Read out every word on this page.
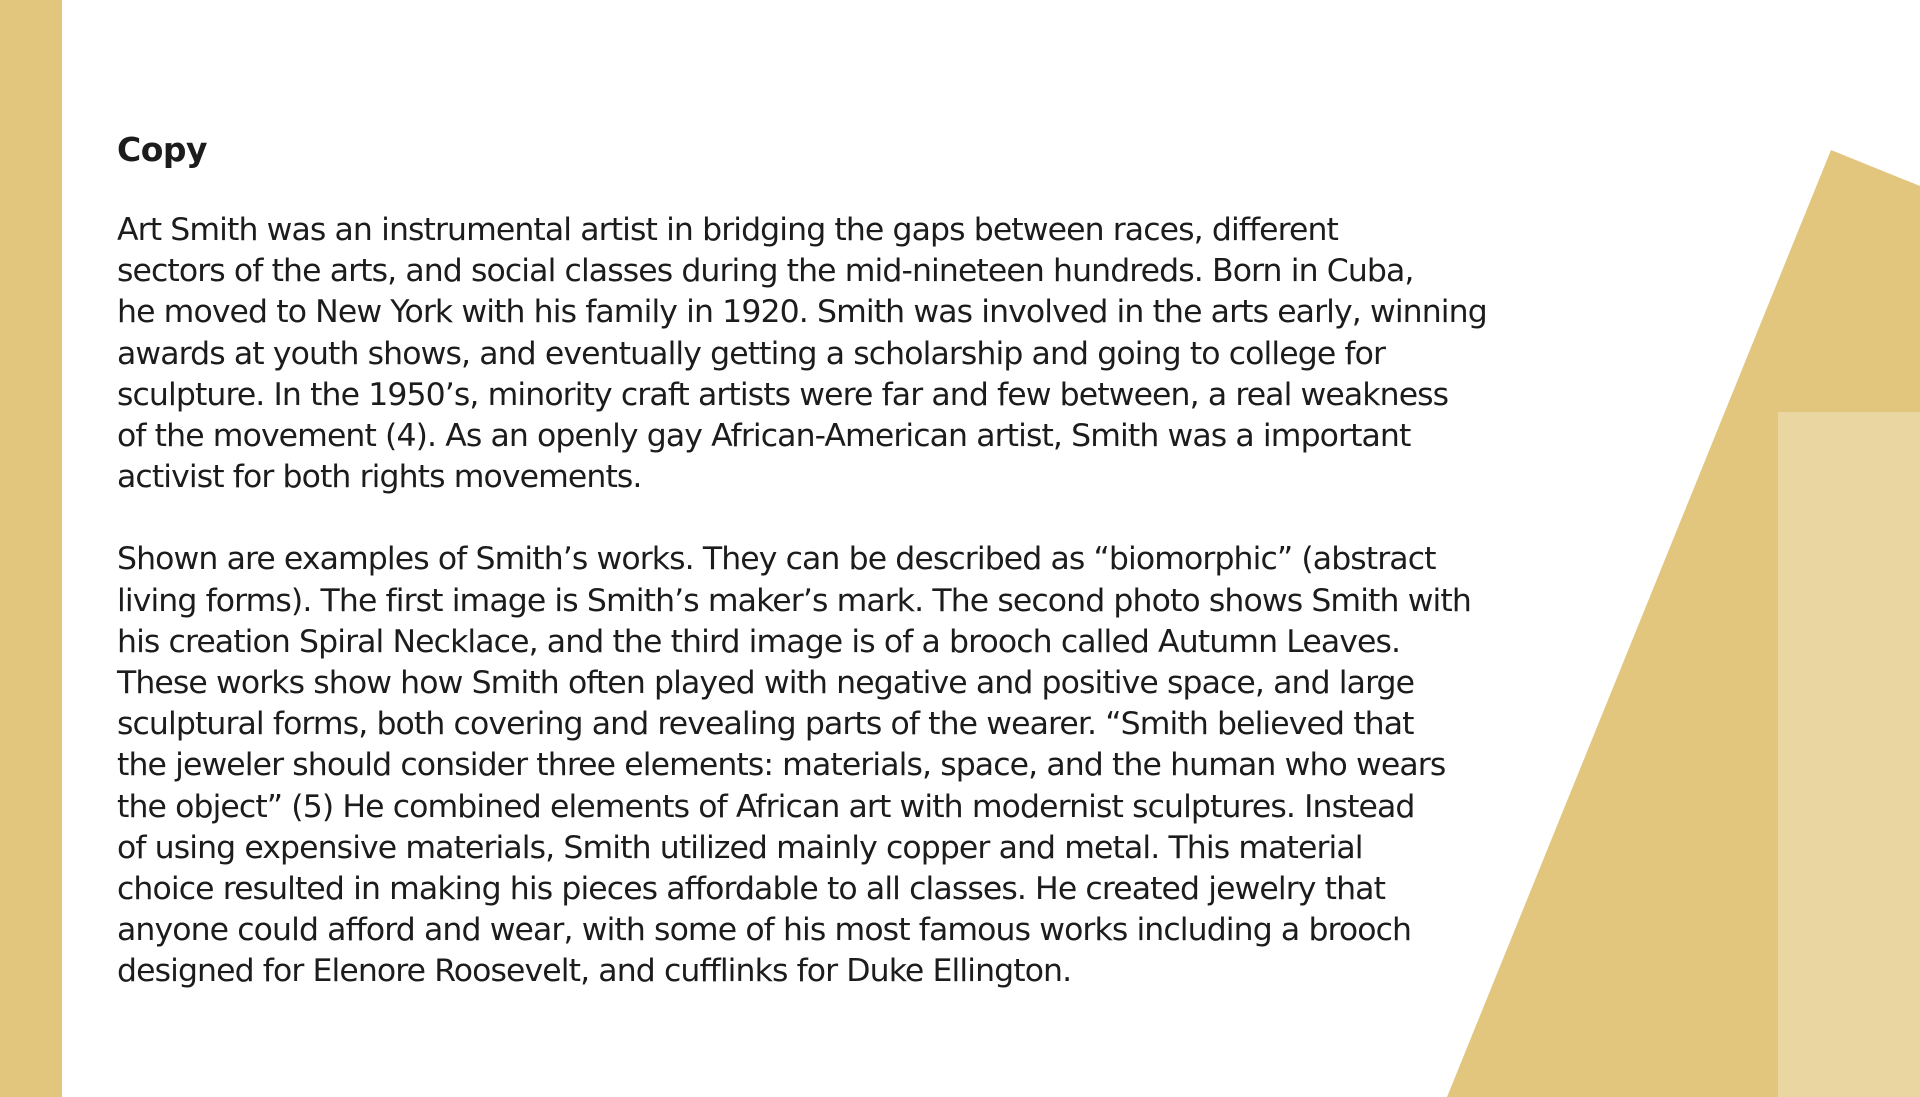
Copy

Art Smith was an instrumental artist in bridging the gaps between races, different
sectors of the arts, and social classes during the mid-nineteen hundreds. Born in Cuba,
he moved to New York with his family in 1920. Smith was involved in the arts early, winning
awards at youth shows, and eventually getting a scholarship and going to college for
sculpture. In the 1950’s, minority craft artists were far and few between, a real weakness
of the movement (4). As an openly gay African-American artist, Smith was a important
activist for both rights movements.

Shown are examples of Smith’s works. They can be described as “biomorphic” (abstract
living forms). The first image is Smith’s maker’s mark. The second photo shows Smith with
his creation Spiral Necklace, and the third image is of a brooch called Autumn Leaves.
These works show how Smith often played with negative and positive space, and large
sculptural forms, both covering and revealing parts of the wearer. “Smith believed that
the jeweler should consider three elements: materials, space, and the human who wears
the object” (5) He combined elements of African art with modernist sculptures. Instead
of using expensive materials, Smith utilized mainly copper and metal. This material
choice resulted in making his pieces affordable to all classes. He created jewelry that
anyone could afford and wear, with some of his most famous works including a brooch
designed for Elenore Roosevelt, and cufflinks for Duke Ellington.
